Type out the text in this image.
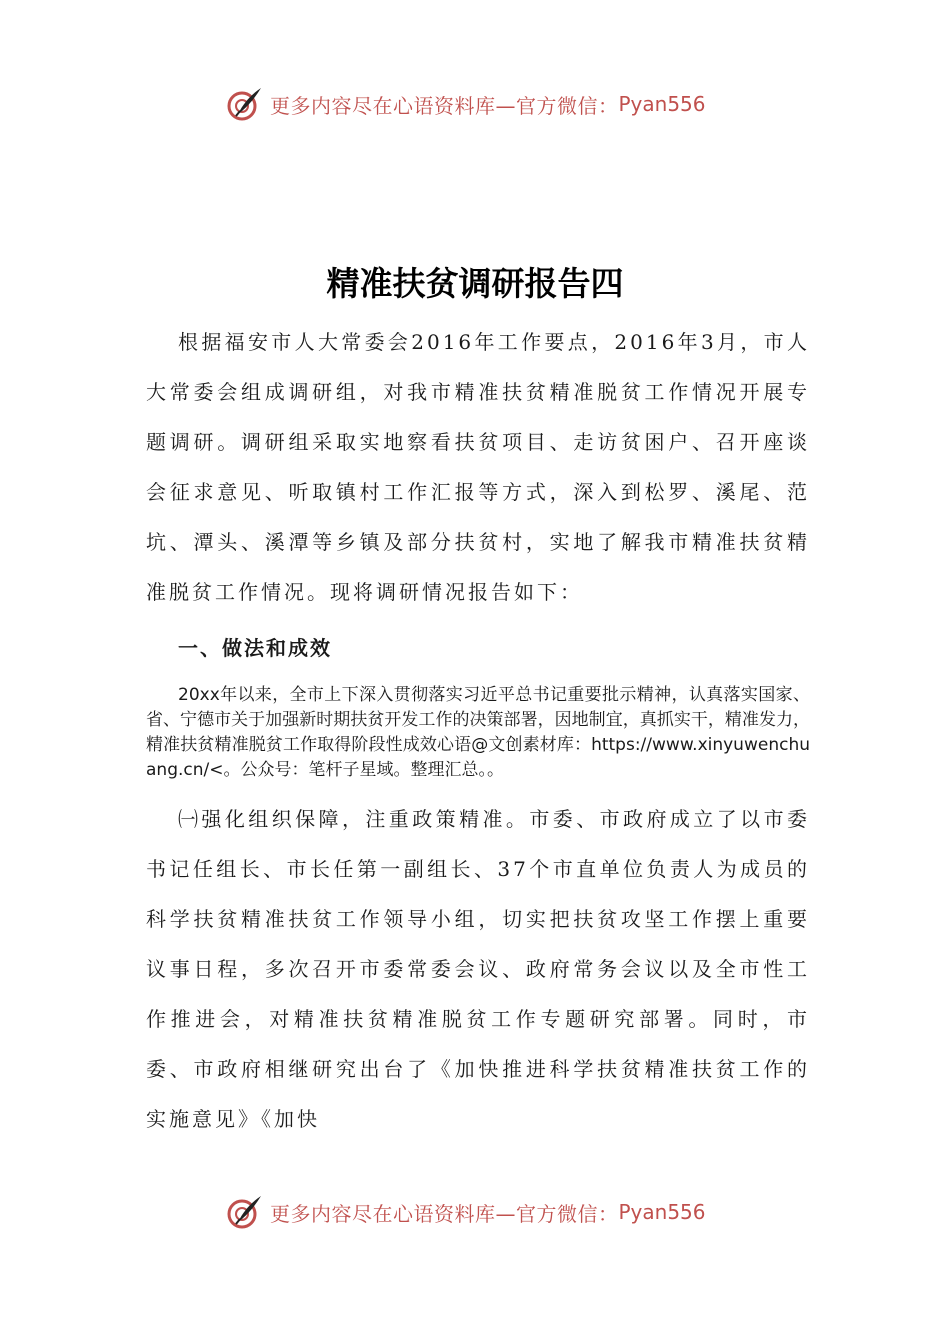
更多内容尽在心语资料库—官方微信： Pyan556
精准扶贫调研报告四

根据福安市人大常委会2016年工作要点，2016年3月，市人大常委会组成调研组，对我市精准扶贫精准脱贫工作情况开展专题调研。调研组采取实地察看扶贫项目、走访贫困户、召开座谈会征求意见、听取镇村工作汇报等方式，深入到松罗、溪尾、范坑、潭头、溪潭等乡镇及部分扶贫村，实地了解我市精准扶贫精准脱贫工作情况。现将调研情况报告如下：

一、做法和成效

20xx年以来，全市上下深入贯彻落实习近平总书记重要批示精神，认真落实国家、省、宁德市关于加强新时期扶贫开发工作的决策部署，因地制宜，真抓实干，精准发力，精准扶贫精准脱贫工作取得阶段性成效心语@文创素材库：https://www.xinyuwenchuang.cn/<。公众号：笔杆子星域。整理汇总。。

㈠强化组织保障，注重政策精准。市委、市政府成立了以市委书记任组长、市长任第一副组长、37个市直单位负责人为成员的科学扶贫精准扶贫工作领导小组，切实把扶贫攻坚工作摆上重要议事日程，多次召开市委常委会议、政府常务会议以及全市性工作推进会，对精准扶贫精准脱贫工作专题研究部署。同时，市委、市政府相继研究出台了《加快推进科学扶贫精准扶贫工作的实施意见》《加快

更多内容尽在心语资料库—官方微信： Pyan556
